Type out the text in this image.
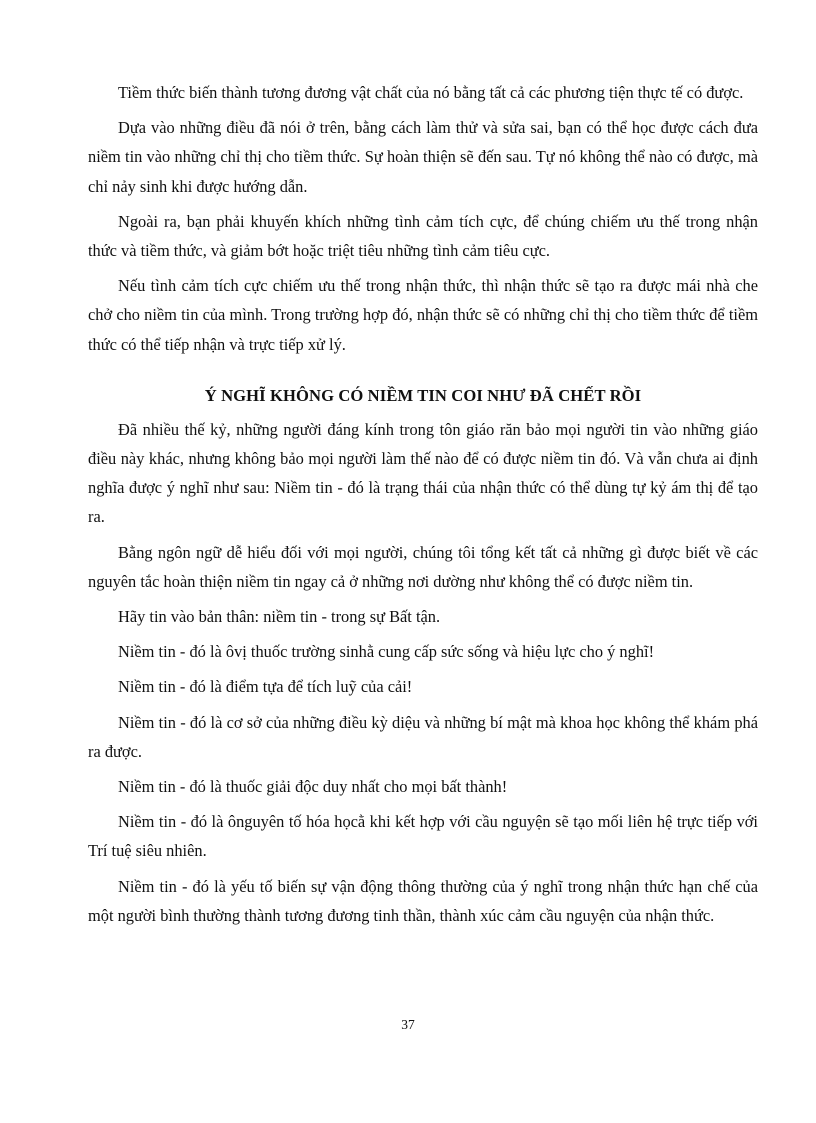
Tiềm thức biến thành tương đương vật chất của nó bằng tất cả các phương tiện thực tế có được.

Dựa vào những điều đã nói ở trên, bằng cách làm thử và sửa sai, bạn có thể học được cách đưa niềm tin vào những chỉ thị cho tiềm thức. Sự hoàn thiện sẽ đến sau. Tự nó không thể nào có được, mà chỉ nảy sinh khi được hướng dẫn.

Ngoài ra, bạn phải khuyến khích những tình cảm tích cực, để chúng chiếm ưu thế trong nhận thức và tiềm thức, và giảm bớt hoặc triệt tiêu những tình cảm tiêu cực.

Nếu tình cảm tích cực chiếm ưu thế trong nhận thức, thì nhận thức sẽ tạo ra được mái nhà che chở cho niềm tin của mình. Trong trường hợp đó, nhận thức sẽ có những chỉ thị cho tiềm thức để tiềm thức có thể tiếp nhận và trực tiếp xử lý.

Ý NGHĨ KHÔNG CÓ NIỀM TIN COI NHƯ ĐÃ CHẾT RỒI

Đã nhiều thế kỷ, những người đáng kính trong tôn giáo răn bảo mọi người tin vào những giáo điều này khác, nhưng không bảo mọi người làm thế nào để có được niềm tin đó. Và vẫn chưa ai định nghĩa được ý nghĩ như sau: Niềm tin - đó là trạng thái của nhận thức có thể dùng tự kỷ ám thị để tạo ra.

Bằng ngôn ngữ dễ hiểu đối với mọi người, chúng tôi tổng kết tất cả những gì được biết về các nguyên tắc hoàn thiện niềm tin ngay cả ở những nơi dường như không thể có được niềm tin.

Hãy tin vào bản thân: niềm tin - trong sự Bất tận.

Niềm tin - đó là ôvị thuốc trường sinhằ cung cấp sức sống và hiệu lực cho ý nghĩ!

Niềm tin - đó là điểm tựa để tích luỹ của cải!

Niềm tin - đó là cơ sở của những điều kỳ diệu và những bí mật mà khoa học không thể khám phá ra được.

Niềm tin - đó là thuốc giải độc duy nhất cho mọi bất thành!

Niềm tin - đó là ônguyên tố hóa họcằ khi kết hợp với cầu nguyện sẽ tạo mối liên hệ trực tiếp với Trí tuệ siêu nhiên.

Niềm tin - đó là yếu tố biến sự vận động thông thường của ý nghĩ trong nhận thức hạn chế của một người bình thường thành tương đương tinh thần, thành xúc cảm cầu nguyện của nhận thức.

37
